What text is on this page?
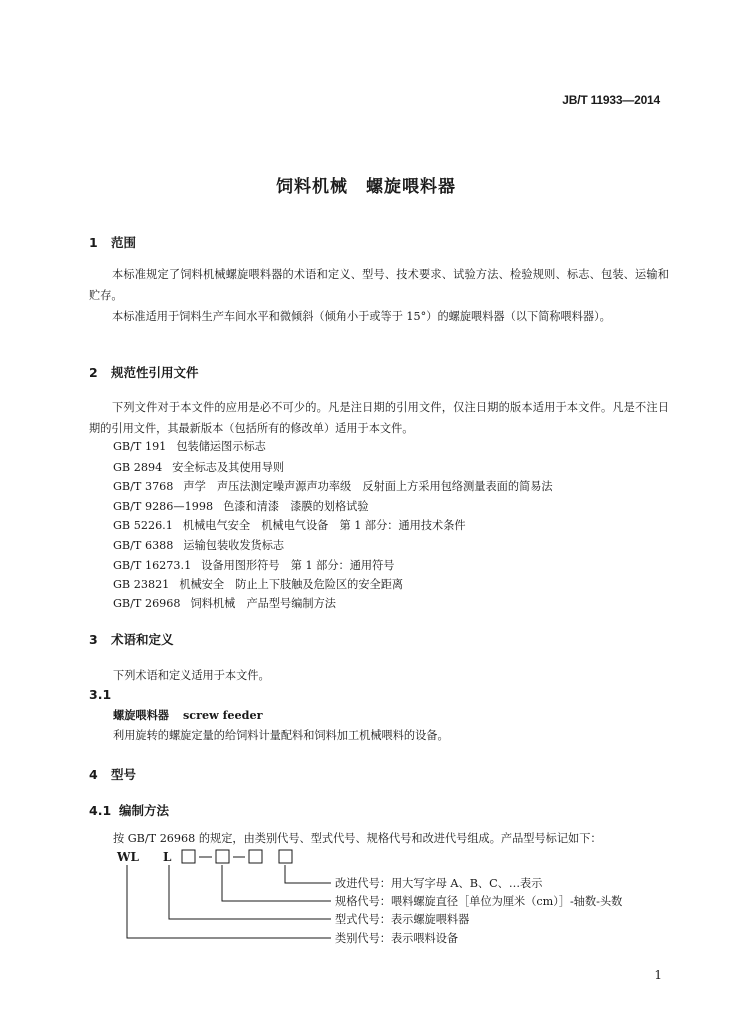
JB/T 11933—2014
饲料机械　螺旋喂料器
1 范围
本标准规定了饲料机械螺旋喂料器的术语和定义、型号、技术要求、试验方法、检验规则、标志、包装、运输和贮存。
本标准适用于饲料生产车间水平和微倾斜（倾角小于或等于 15°）的螺旋喂料器（以下简称喂料器）。
2 规范性引用文件
下列文件对于本文件的应用是必不可少的。凡是注日期的引用文件，仅注日期的版本适用于本文件。凡是不注日期的引用文件，其最新版本（包括所有的修改单）适用于本文件。
GB/T 191 包装储运图示标志
GB 2894 安全标志及其使用导则
GB/T 3768 声学　声压法测定噪声源声功率级　反射面上方采用包络测量表面的简易法
GB/T 9286—1998 色漆和清漆　漆膜的划格试验
GB 5226.1 机械电气安全　机械电气设备　第 1 部分：通用技术条件
GB/T 6388 运输包装收发货标志
GB/T 16273.1 设备用图形符号　第 1 部分：通用符号
GB 23821 机械安全　防止上下肢触及危险区的安全距离
GB/T 26968 饲料机械　产品型号编制方法
3 术语和定义
下列术语和定义适用于本文件。
3.1
螺旋喂料器 screw feeder
利用旋转的螺旋定量的给饲料计量配料和饲料加工机械喂料的设备。
4 型号
4.1 编制方法
按 GB/T 26968 的规定，由类别代号、型式代号、规格代号和改进代号组成。产品型号标记如下：
WL L
改进代号：用大写字母 A、B、C、…表示
规格代号：喂料螺旋直径［单位为厘米（cm）］-轴数-头数
型式代号：表示螺旋喂料器
类别代号：表示喂料设备
1
